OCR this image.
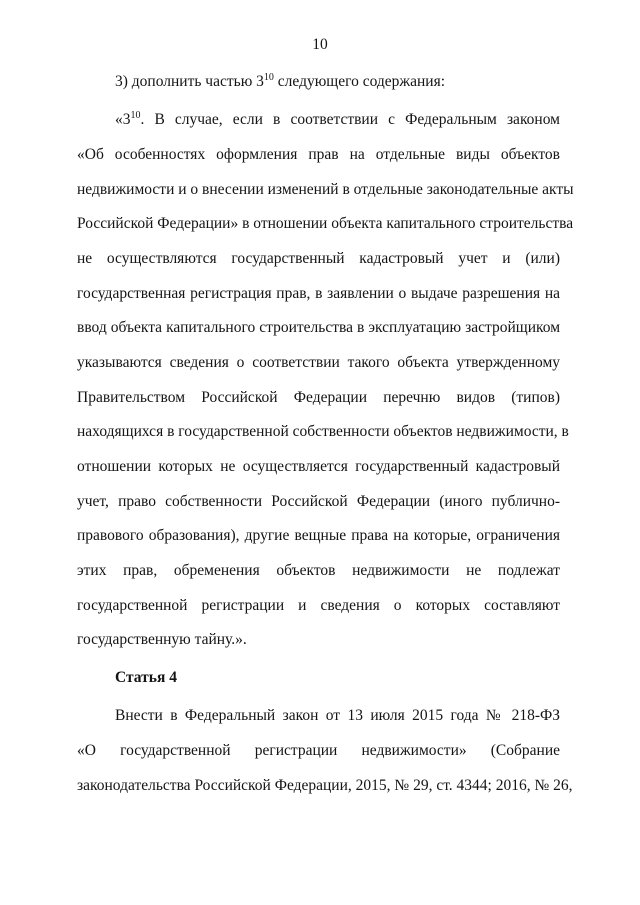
10
3) дополнить частью $3^{10}$ следующего содержания:
«$3^{10}$. В случае, если в соответствии с Федеральным законом
«Об особенностях оформления прав на отдельные виды объектов
недвижимости и о внесении изменений в отдельные законодательные акты
Российской Федерации» в отношении объекта капитального строительства
не осуществляются государственный кадастровый учет и (или)
государственная регистрация прав, в заявлении о выдаче разрешения на
ввод объекта капитального строительства в эксплуатацию застройщиком
указываются сведения о соответствии такого объекта утвержденному
Правительством Российской Федерации перечню видов (типов)
находящихся в государственной собственности объектов недвижимости, в
отношении которых не осуществляется государственный кадастровый
учет, право собственности Российской Федерации (иного публично-
правового образования), другие вещные права на которые, ограничения
этих прав, обременения объектов недвижимости не подлежат
государственной регистрации и сведения о которых составляют
государственную тайну.».
Статья 4
Внести в Федеральный закон от 13 июля 2015 года № 218-ФЗ
«О государственной регистрации недвижимости» (Собрание
законодательства Российской Федерации, 2015, № 29, ст. 4344; 2016, № 26,
